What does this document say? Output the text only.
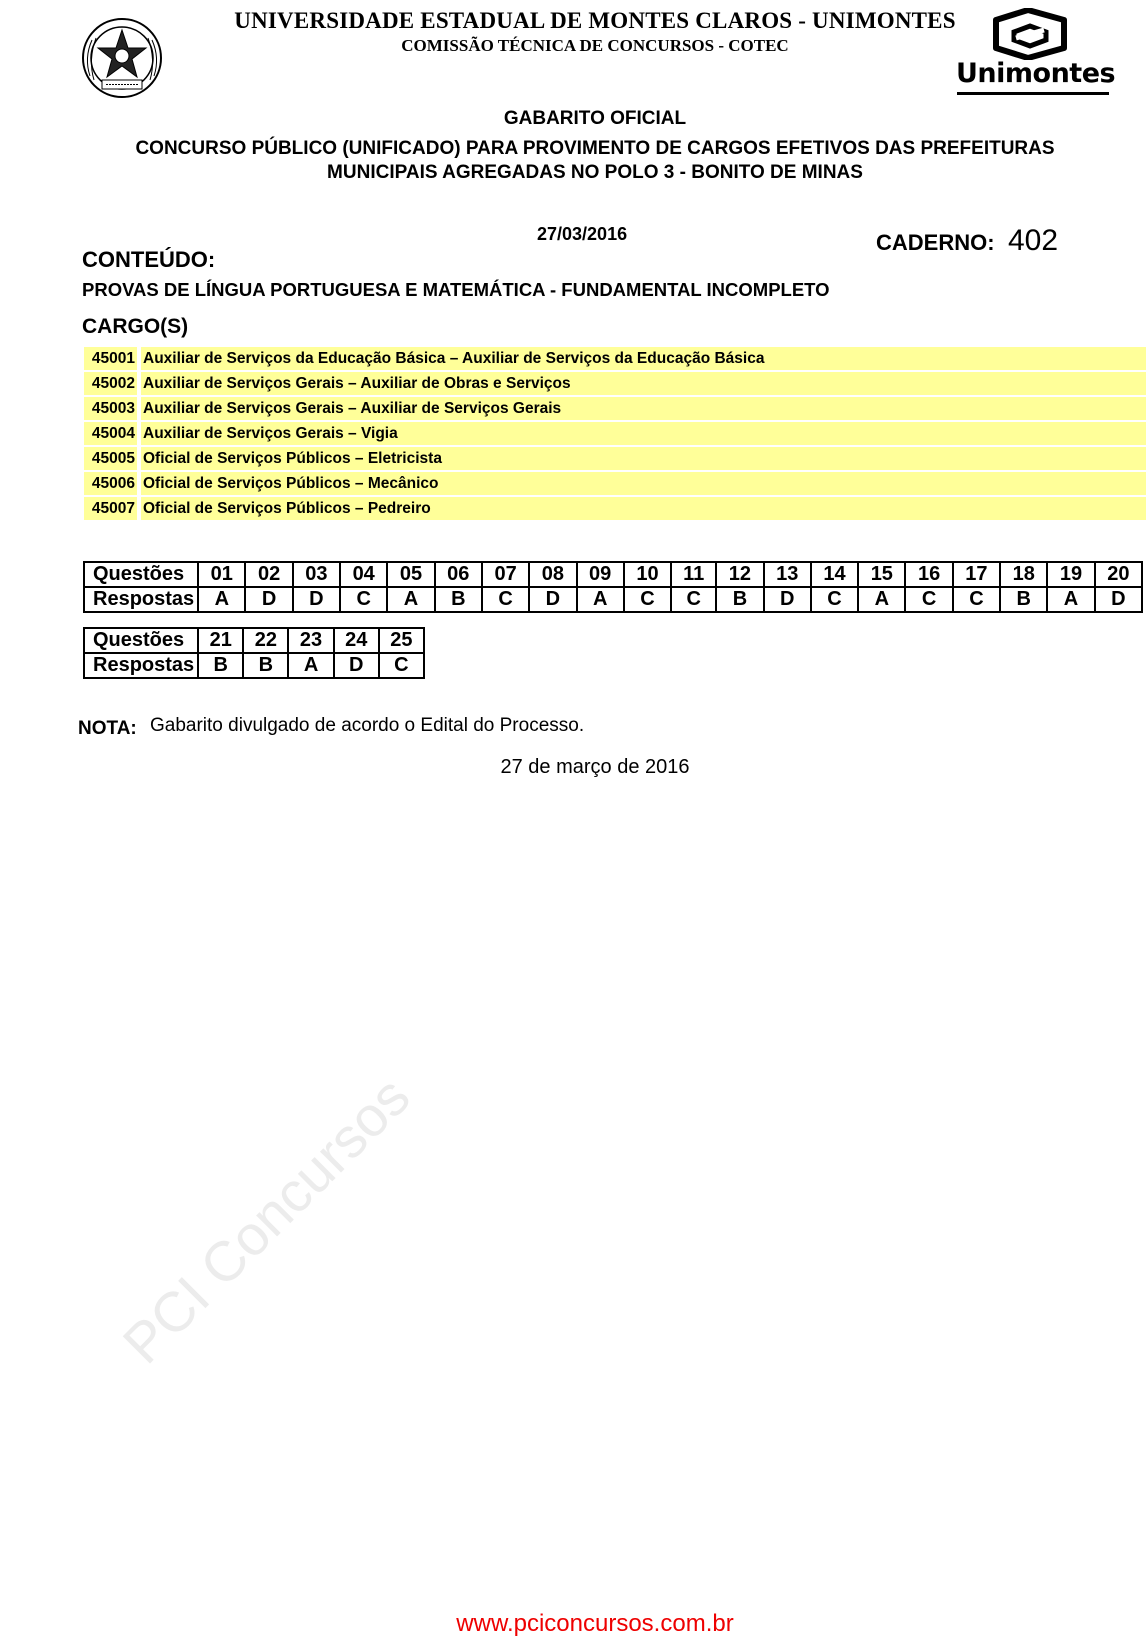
UNIVERSIDADE ESTADUAL DE MONTES CLAROS - UNIMONTES
COMISSÃO TÉCNICA DE CONCURSOS - COTEC
Unimontes
GABARITO OFICIAL
CONCURSO PÚBLICO (UNIFICADO) PARA PROVIMENTO DE CARGOS EFETIVOS DAS PREFEITURAS
MUNICIPAIS AGREGADAS NO POLO 3 - BONITO DE MINAS
27/03/2016	CADERNO: 402
CONTEÚDO:
PROVAS DE LÍNGUA PORTUGUESA E MATEMÁTICA - FUNDAMENTAL INCOMPLETO
CARGO(S)
45001 Auxiliar de Serviços da Educação Básica – Auxiliar de Serviços da Educação Básica
45002 Auxiliar de Serviços Gerais – Auxiliar de Obras e Serviços
45003 Auxiliar de Serviços Gerais – Auxiliar de Serviços Gerais
45004 Auxiliar de Serviços Gerais – Vigia
45005 Oficial de Serviços Públicos – Eletricista
45006 Oficial de Serviços Públicos – Mecânico
45007 Oficial de Serviços Públicos – Pedreiro
Questões	01	02	03	04	05	06	07	08	09	10	11	12	13	14	15	16	17	18	19	20
Respostas	A	D	D	C	A	B	C	D	A	C	C	B	D	C	A	C	C	B	A	D
Questões	21	22	23	24	25
Respostas	B	B	A	D	C
NOTA: Gabarito divulgado de acordo o Edital do Processo.
27 de março de 2016
PCI Concursos
www.pciconcursos.com.br
